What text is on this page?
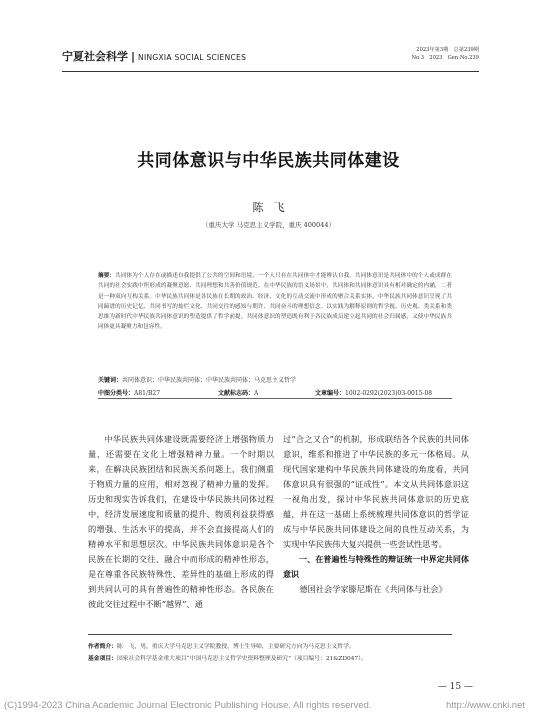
宁夏社会科学 | NINGXIA SOCIAL SCIENCES
2023年第3期　总第239期
No.3　2023　Gen.No.239
共同体意识与中华民族共同体建设
陈飞
（重庆大学 马克思主义学院，重庆 400044）
摘要：共同体为个人存在或描述自我提供了公共的空间和语境，一个人只有在共同体中才能辨认自我。共同体意识是共同体中的个人或成群在共同的社会实践中所形成的凝聚意愿、共同理想和共善价值规范。在中华民族的语义场景中，共同体和共同体意识具有相对确定的内涵，二者是一种双向互构关系。中华民族共同体是各民族在长期的政治、经济、文化的互动交流中形成的聚合关系实体。中华民族共同体意识呈现了共同蹄谱的历史记忆、共同书写的灿烂文化、共同交往的感知与期许、共同奋斗的理想信念。以实践为解释原则的哲学视、历史观、类关系和类思维为新时代中华民族共同体意识的塑造提供了哲学前提。共同体意识的塑造既有利于各民族成员建立起共同的社会归属感，又使中华民族共同体更具凝聚力和包容性。
关键词：共同体意识；中华民族共同体；中华民族共同体；马克思主义哲学
中图分类号：A81/B27	文献标志码：A	文章编号：1002-0292(2023)03-0015-08

中华民族共同体建设既需要经济上增强物质力量，还需要在文化上增强精神力量。一个时期以来，在解决民族团结和民族关系问题上，我们侧重于物质力量的应用，相对忽视了精神力量的发挥。历史和现实告诉我们，在建设中华民族共同体过程中，经济发展速度和质量的提升、物质利益获得感的增强、生活水平的提高，并不会直接提高人们的精神水平和思想层次。中华民族共同体意识是各个民族在长期的交往、融合中而形成的精神性形态，是在尊重各民族特殊性、差异性的基础上形成的得到共同认可的具有普遍性的精神性形态。各民族在彼此交往过程中不断“越界”、通

过“合之又合”的机制，形成联结各个民族的共同体意识，维系和推进了中华民族的多元一体格局。从现代国家建构中华民族共同体建设的角度看，共同体意识具有很强的“证成性”。本文从共同体意识这一视角出发，探讨中华民族共同体意识的历史底蕴，并在这一基础上系统梳理共同体意识的哲学证成与中华民族共同体建设之间的良性互动关系，为实现中华民族伟大复兴提供一些尝试性思考。

一、在普遍性与特殊性的辩证统一中界定共同体意识

德国社会学家滕尼斯在《共同体与社会》

作者简介：陈　飞，男，重庆大学马克思主义学院教授，博士生导师，主要研究方向为马克思主义哲学。
基金项目：国家社会科学基金重大项目“中国马克思主义哲学史资料整理及研究”（项目编号：21&ZD047）。
— 15 —
(C)1994-2023 China Academic Journal Electronic Publishing House. All rights reserved.	http://www.cnki.net
